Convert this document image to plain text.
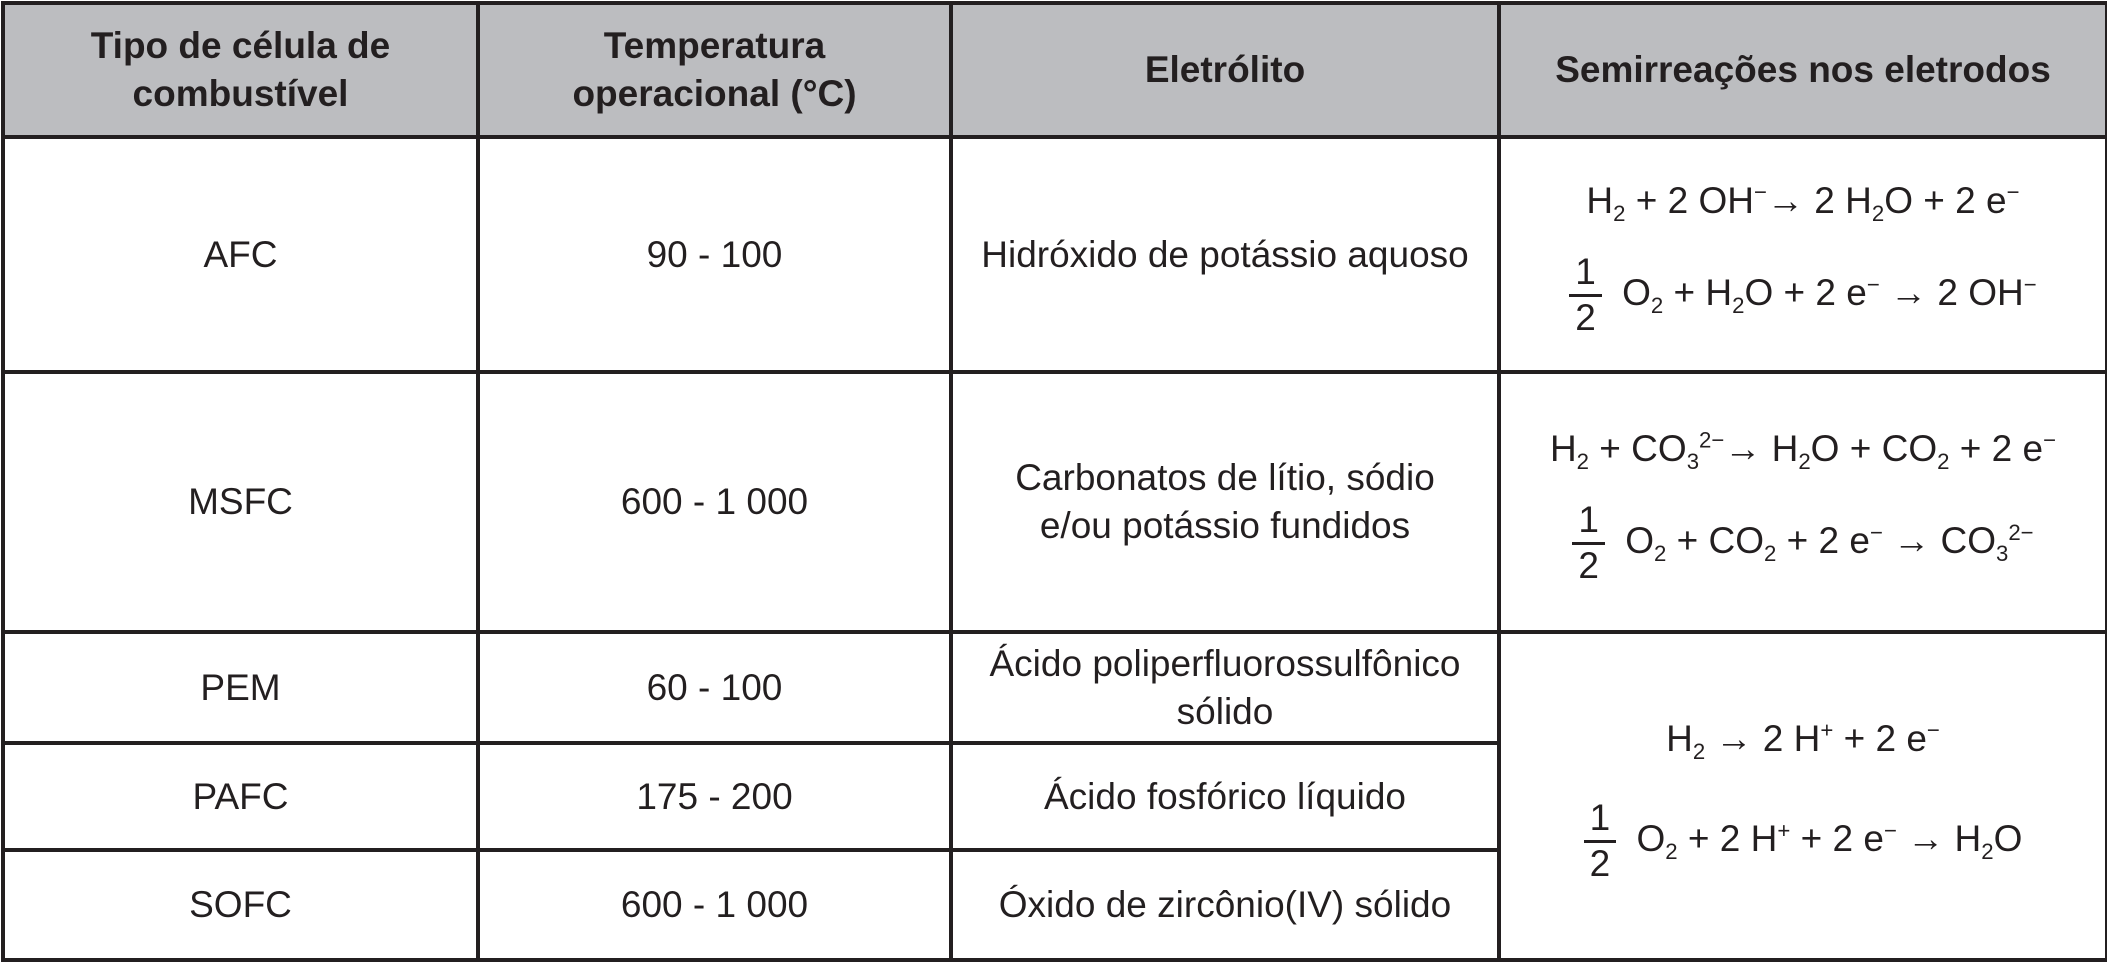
Tipo de célula de combustível	Temperatura operacional (°C)	Eletrólito	Semirreações nos eletrodos
AFC	90 - 100	Hidróxido de potássio aquoso	$H_2 + 2$ OH−→ 2 $H_2O + 2$ e−
$\frac{1}{2} O_2 + H_2O + 2$ e− → 2 OH−

MSFC	600 - 1 000	Carbonatos de lítio, sódio e/ou potássio fundidos	$H_2 + CO_3^{2-}\to H_2O + CO_2 + 2$ e−
$\frac{1}{2} O_2 + CO_2 + 2$ $e^- \to CO_3^{2-}$

PEM	60 - 100	Ácido poliperfluorossulfônico sólido	$H_2 \to 2$ H+ + 2 e−
$\frac{1}{2} O_2 + 2$ H+ + 2 $e^- \to H_2O$

PAFC	175 - 200	Ácido fosfórico líquido	
SOFC	600 - 1 000	Óxido de zircônio(IV) sólido	
